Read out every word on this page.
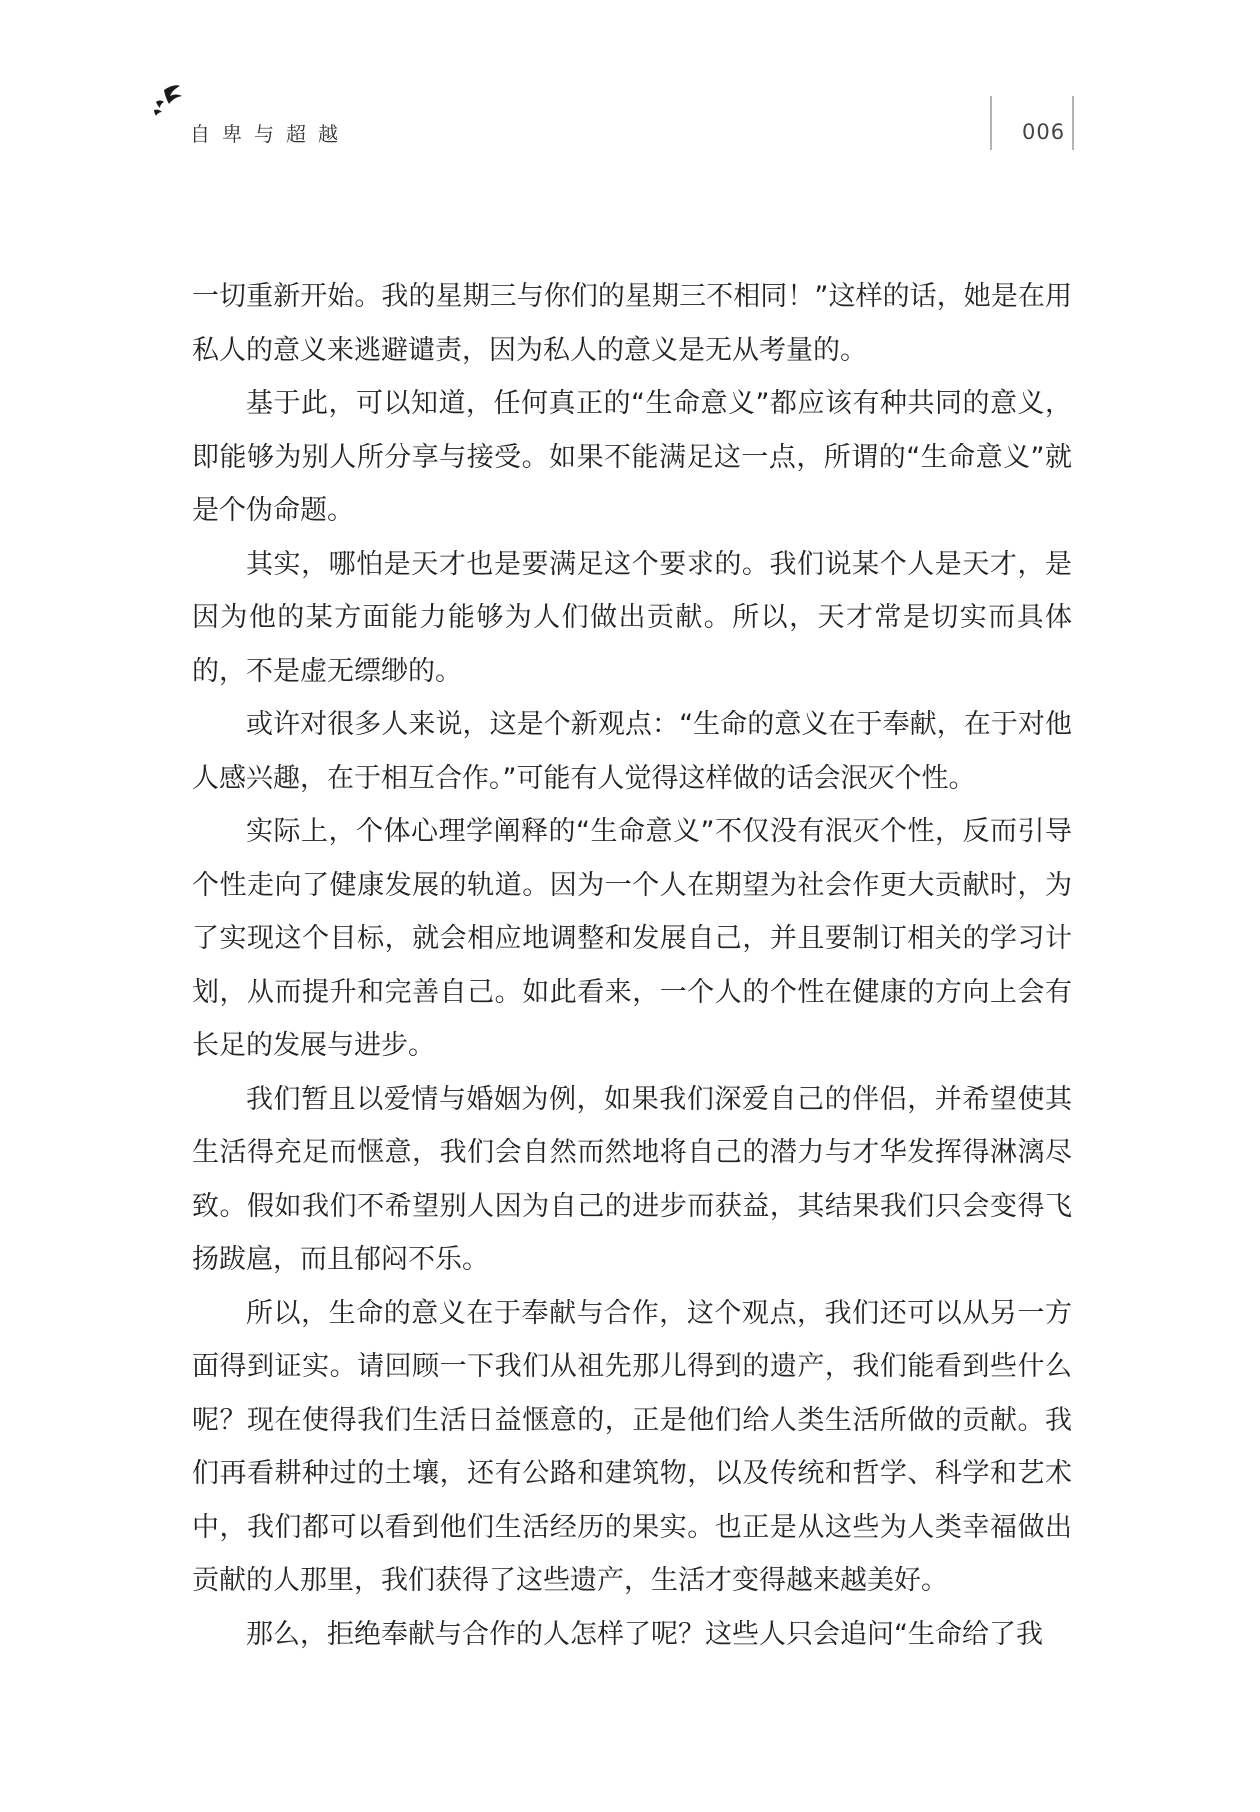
自卑与超越	006

一切重新开始。我的星期三与你们的星期三不相同！”这样的话，她是在用私人的意义来逃避谴责，因为私人的意义是无从考量的。

基于此，可以知道，任何真正的“生命意义”都应该有种共同的意义，即能够为别人所分享与接受。如果不能满足这一点，所谓的“生命意义”就是个伪命题。

其实，哪怕是天才也是要满足这个要求的。我们说某个人是天才，是因为他的某方面能力能够为人们做出贡献。所以，天才常是切实而具体的，不是虚无缥缈的。

或许对很多人来说，这是个新观点：“生命的意义在于奉献，在于对他人感兴趣，在于相互合作。”可能有人觉得这样做的话会泯灭个性。

实际上，个体心理学阐释的“生命意义”不仅没有泯灭个性，反而引导个性走向了健康发展的轨道。因为一个人在期望为社会作更大贡献时，为了实现这个目标，就会相应地调整和发展自己，并且要制订相关的学习计划，从而提升和完善自己。如此看来，一个人的个性在健康的方向上会有长足的发展与进步。

我们暂且以爱情与婚姻为例，如果我们深爱自己的伴侣，并希望使其生活得充足而惬意，我们会自然而然地将自己的潜力与才华发挥得淋漓尽致。假如我们不希望别人因为自己的进步而获益，其结果我们只会变得飞扬跋扈，而且郁闷不乐。

所以，生命的意义在于奉献与合作，这个观点，我们还可以从另一方面得到证实。请回顾一下我们从祖先那儿得到的遗产，我们能看到些什么呢？现在使得我们生活日益惬意的，正是他们给人类生活所做的贡献。我们再看耕种过的土壤，还有公路和建筑物，以及传统和哲学、科学和艺术中，我们都可以看到他们生活经历的果实。也正是从这些为人类幸福做出贡献的人那里，我们获得了这些遗产，生活才变得越来越美好。

那么，拒绝奉献与合作的人怎样了呢？这些人只会追问“生命给了我
